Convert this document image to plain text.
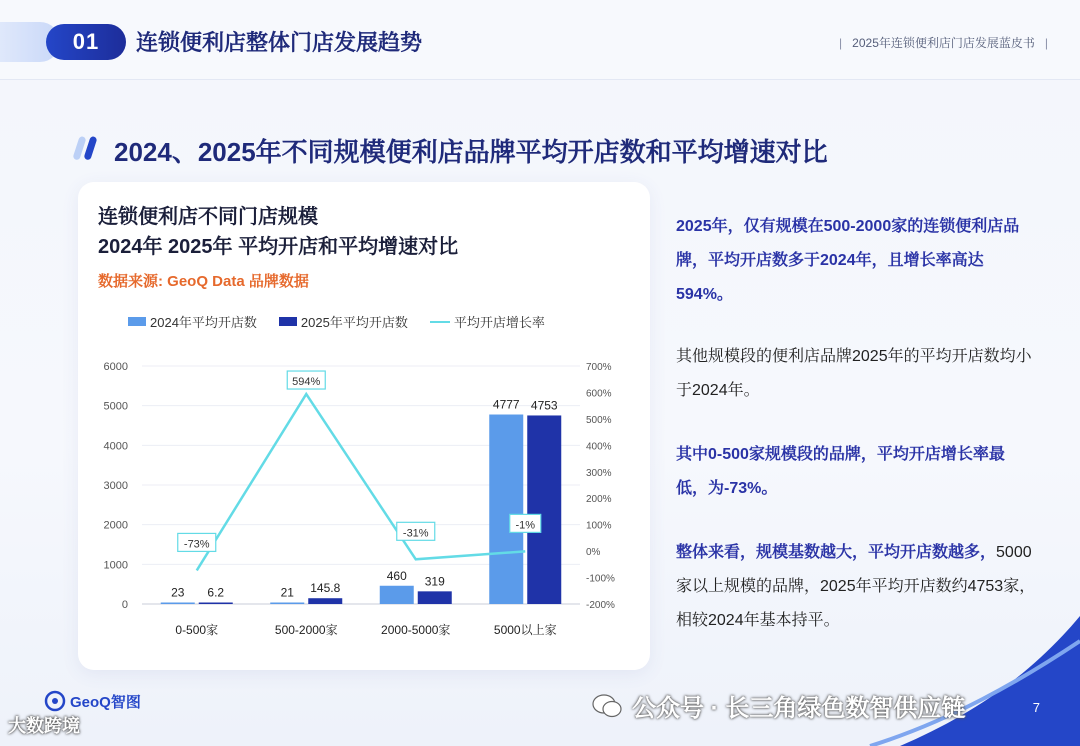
01	连锁便利店整体门店发展趋势	| 2025年连锁便利店门店发展蓝皮书 |
2024、2025年不同规模便利店品牌平均开店数和平均增速对比
连锁便利店不同门店规模
2024年 2025年 平均开店和平均增速对比
数据来源: GeoQ Data 品牌数据
2024年平均开店数	2025年平均开店数	平均开店增长率
0
1000
2000
3000
4000
5000
6000
-200%
-100%
0%
100%
200%
300%
400%
500%
600%
700%
23 6.2
0-500家
21 145.8
500-2000家
460 319
2000-5000家
4777 4753
5000以上家
-73%
594%
-31%
-1%
2025年，仅有规模在500-2000家的连锁便利店品牌，平均开店数多于2024年，且增长率高达594%。
其他规模段的便利店品牌2025年的平均开店数均小于2024年。
其中0-500家规模段的品牌，平均开店增长率最低，为-73%。
整体来看，规模基数越大，平均开店数越多，5000家以上规模的品牌，2025年平均开店数约4753家，相较2024年基本持平。
7
GeoQ智图
大数跨境
公众号 · 长三角绿色数智供应链
